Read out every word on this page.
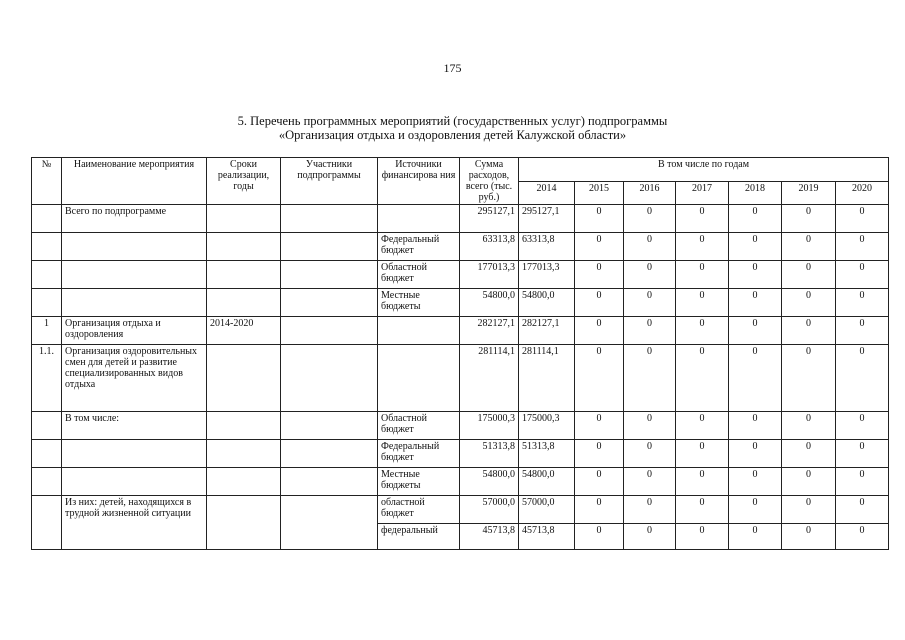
175
5. Перечень программных мероприятий (государственных услуг) подпрограммы
«Организация отдыха и оздоровления детей Калужской области»
№	Наименование мероприятия	Сроки реализации, годы	Участники подпрограммы	Источники финансирова ния	Сумма расходов, всего (тыс. руб.)	В том числе по годам						
						2014	2015	2016	2017	2018	2019	2020
	Всего по подпрограмме				295127,1	295127,1	0	0	0	0	0	0
				Федеральный бюджет	63313,8	63313,8	0	0	0	0	0	0
				Областной бюджет	177013,3	177013,3	0	0	0	0	0	0
				Местные бюджеты	54800,0	54800,0	0	0	0	0	0	0
1	Организация отдыха и оздоровления	2014-2020			282127,1	282127,1	0	0	0	0	0	0
1.1.	Организация оздоровительных смен для детей и развитие специализированных видов отдыха				281114,1	281114,1	0	0	0	0	0	0
	В том числе:			Областной бюджет	175000,3	175000,3	0	0	0	0	0	0
				Федеральный бюджет	51313,8	51313,8	0	0	0	0	0	0
				Местные бюджеты	54800,0	54800,0	0	0	0	0	0	0
	Из них: детей, находящихся в трудной жизненной ситуации			областной бюджет	57000,0	57000,0	0	0	0	0	0	0
				федеральный	45713,8	45713,8	0	0	0	0	0	0
